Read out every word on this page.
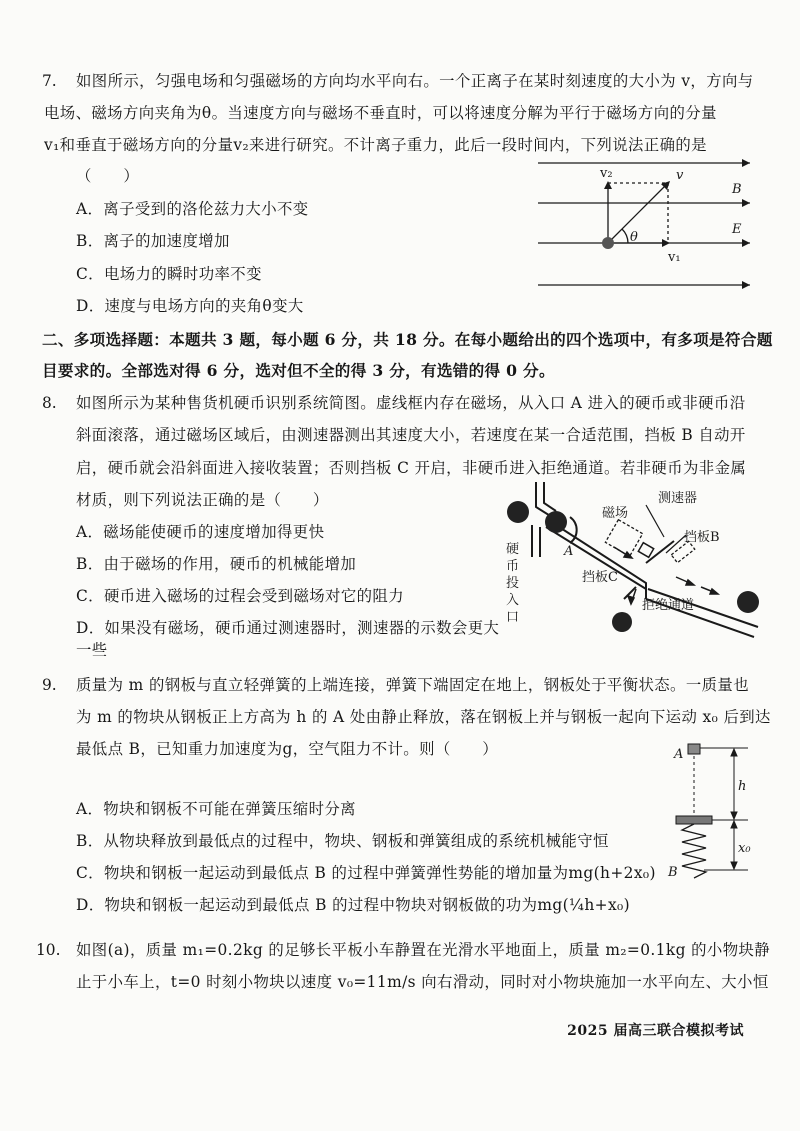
7. 如图所示，匀强电场和匀强磁场的方向均水平向右。一个正离子在某时刻速度的大小为 v，方向与
电场、磁场方向夹角为θ。当速度方向与磁场不垂直时，可以将速度分解为平行于磁场方向的分量
v₁和垂直于磁场方向的分量v₂来进行研究。不计离子重力，此后一段时间内，下列说法正确的是
（　　）
A．离子受到的洛伦兹力大小不变
B．离子的加速度增加
C．电场力的瞬时功率不变
D．速度与电场方向的夹角θ变大
v₂	v
B
E
θ
v₁
二、多项选择题：本题共 3 题，每小题 6 分，共 18 分。在每小题给出的四个选项中，有多项是符合题
目要求的。全部选对得 6 分，选对但不全的得 3 分，有选错的得 0 分。
8. 如图所示为某种售货机硬币识别系统简图。虚线框内存在磁场，从入口 A 进入的硬币或非硬币沿
斜面滚落，通过磁场区域后，由测速器测出其速度大小，若速度在某一合适范围，挡板 B 自动开
启，硬币就会沿斜面进入接收装置；否则挡板 C 开启，非硬币进入拒绝通道。若非硬币为非金属
材质，则下列说法正确的是（　　）
A．磁场能使硬币的速度增加得更快
B．由于磁场的作用，硬币的机械能增加
C．硬币进入磁场的过程会受到磁场对它的阻力
D．如果没有磁场，硬币通过测速器时，测速器的示数会更大
一些
磁场
测速器
挡板B
A
挡板C
拒绝通道
硬
币
投
入
口
9. 质量为 m 的钢板与直立轻弹簧的上端连接，弹簧下端固定在地上，钢板处于平衡状态。一质量也
为 m 的物块从钢板正上方高为 h 的 A 处由静止释放，落在钢板上并与钢板一起向下运动 x₀ 后到达
最低点 B，已知重力加速度为g，空气阻力不计。则（　　）
A．物块和钢板不可能在弹簧压缩时分离
B．从物块释放到最低点的过程中，物块、钢板和弹簧组成的系统机械能守恒
C．物块和钢板一起运动到最低点 B 的过程中弹簧弹性势能的增加量为mg(h+2x₀)
D．物块和钢板一起运动到最低点 B 的过程中物块对钢板做的功为mg(¼h+x₀)
A
h
x₀
B
10. 如图(a)，质量 m₁=0.2kg 的足够长平板小车静置在光滑水平地面上，质量 m₂=0.1kg 的小物块静
止于小车上，t=0 时刻小物块以速度 v₀=11m/s 向右滑动，同时对小物块施加一水平向左、大小恒
2025 届高三联合模拟考试
